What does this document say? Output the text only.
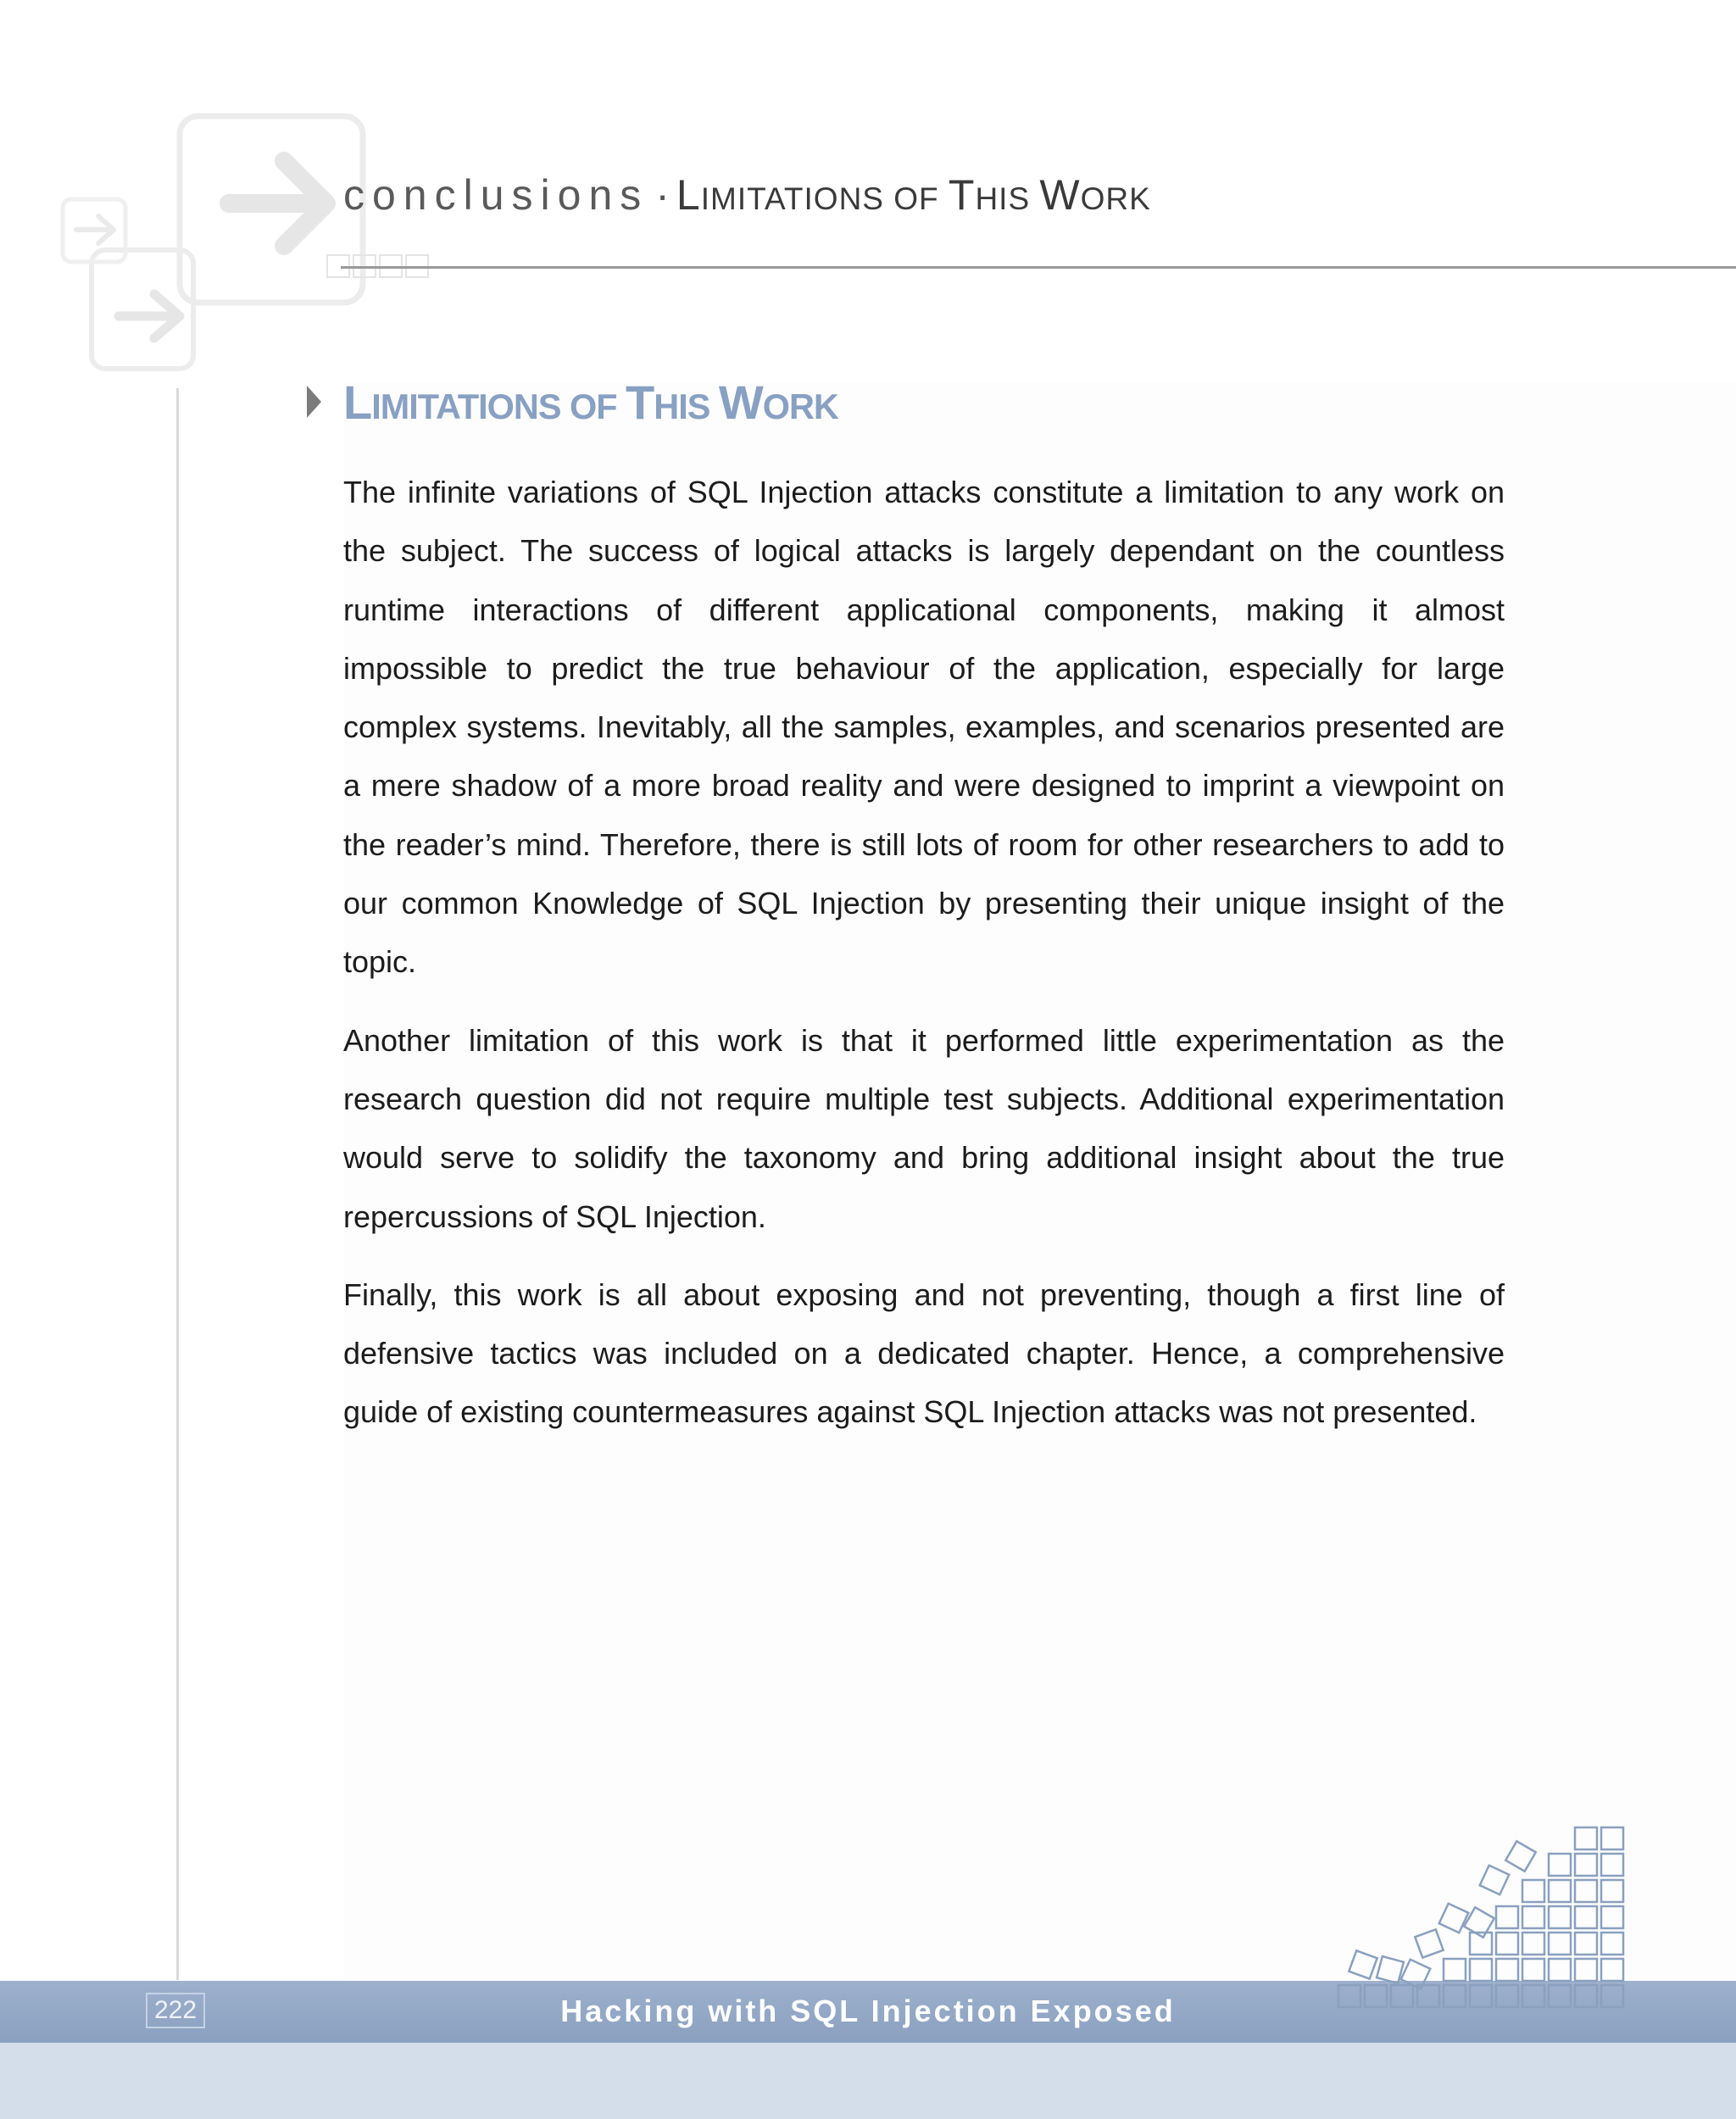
conclusions · LIMITATIONS OF THIS WORK
LIMITATIONS OF THIS WORK

The infinite variations of SQL Injection attacks constitute a limitation to any work on the subject. The success of logical attacks is largely dependant on the countless runtime interactions of different applicational components, making it almost impossible to predict the true behaviour of the application, especially for large complex systems. Inevitably, all the samples, examples, and scenarios presented are a mere shadow of a more broad reality and were designed to imprint a viewpoint on the reader’s mind. Therefore, there is still lots of room for other researchers to add to our common Knowledge of SQL Injection by presenting their unique insight of the topic.

Another limitation of this work is that it performed little experimentation as the research question did not require multiple test subjects. Additional experimentation would serve to solidify the taxonomy and bring additional insight about the true repercussions of SQL Injection.

Finally, this work is all about exposing and not preventing, though a first line of defensive tactics was included on a dedicated chapter. Hence, a comprehensive guide of existing countermeasures against SQL Injection attacks was not presented.

222	Hacking with SQL Injection Exposed
